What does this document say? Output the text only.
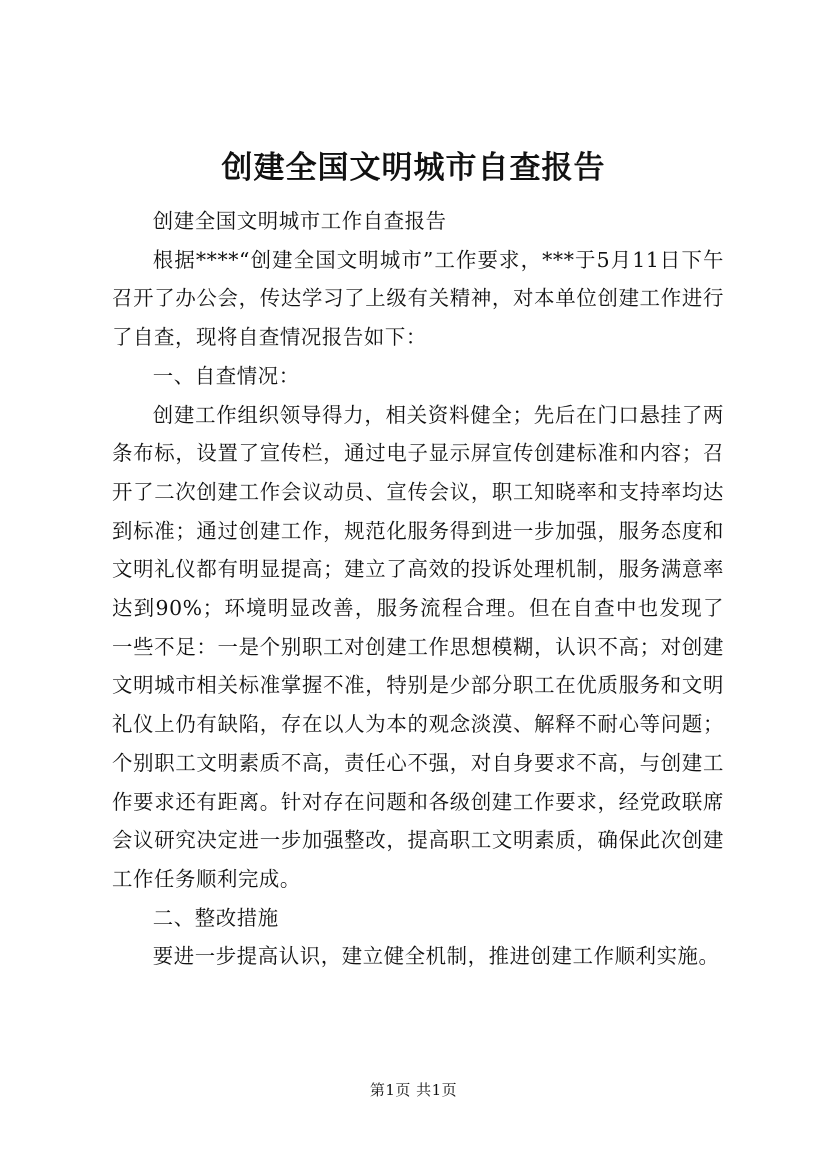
创建全国文明城市自查报告

创建全国文明城市工作自查报告

根据****“创建全国文明城市”工作要求，***于5月11日下午召开了办公会，传达学习了上级有关精神，对本单位创建工作进行了自查，现将自查情况报告如下：

一、自查情况：

创建工作组织领导得力，相关资料健全；先后在门口悬挂了两条布标，设置了宣传栏，通过电子显示屏宣传创建标准和内容；召开了二次创建工作会议动员、宣传会议，职工知晓率和支持率均达到标准；通过创建工作，规范化服务得到进一步加强，服务态度和文明礼仪都有明显提高；建立了高效的投诉处理机制，服务满意率达到90%；环境明显改善，服务流程合理。但在自查中也发现了一些不足：一是个别职工对创建工作思想模糊，认识不高；对创建文明城市相关标准掌握不准，特别是少部分职工在优质服务和文明礼仪上仍有缺陷，存在以人为本的观念淡漠、解释不耐心等问题；个别职工文明素质不高，责任心不强，对自身要求不高，与创建工作要求还有距离。针对存在问题和各级创建工作要求，经党政联席会议研究决定进一步加强整改，提高职工文明素质，确保此次创建工作任务顺利完成。

二、整改措施

要进一步提高认识，建立健全机制，推进创建工作顺利实施。

第1页 共1页
